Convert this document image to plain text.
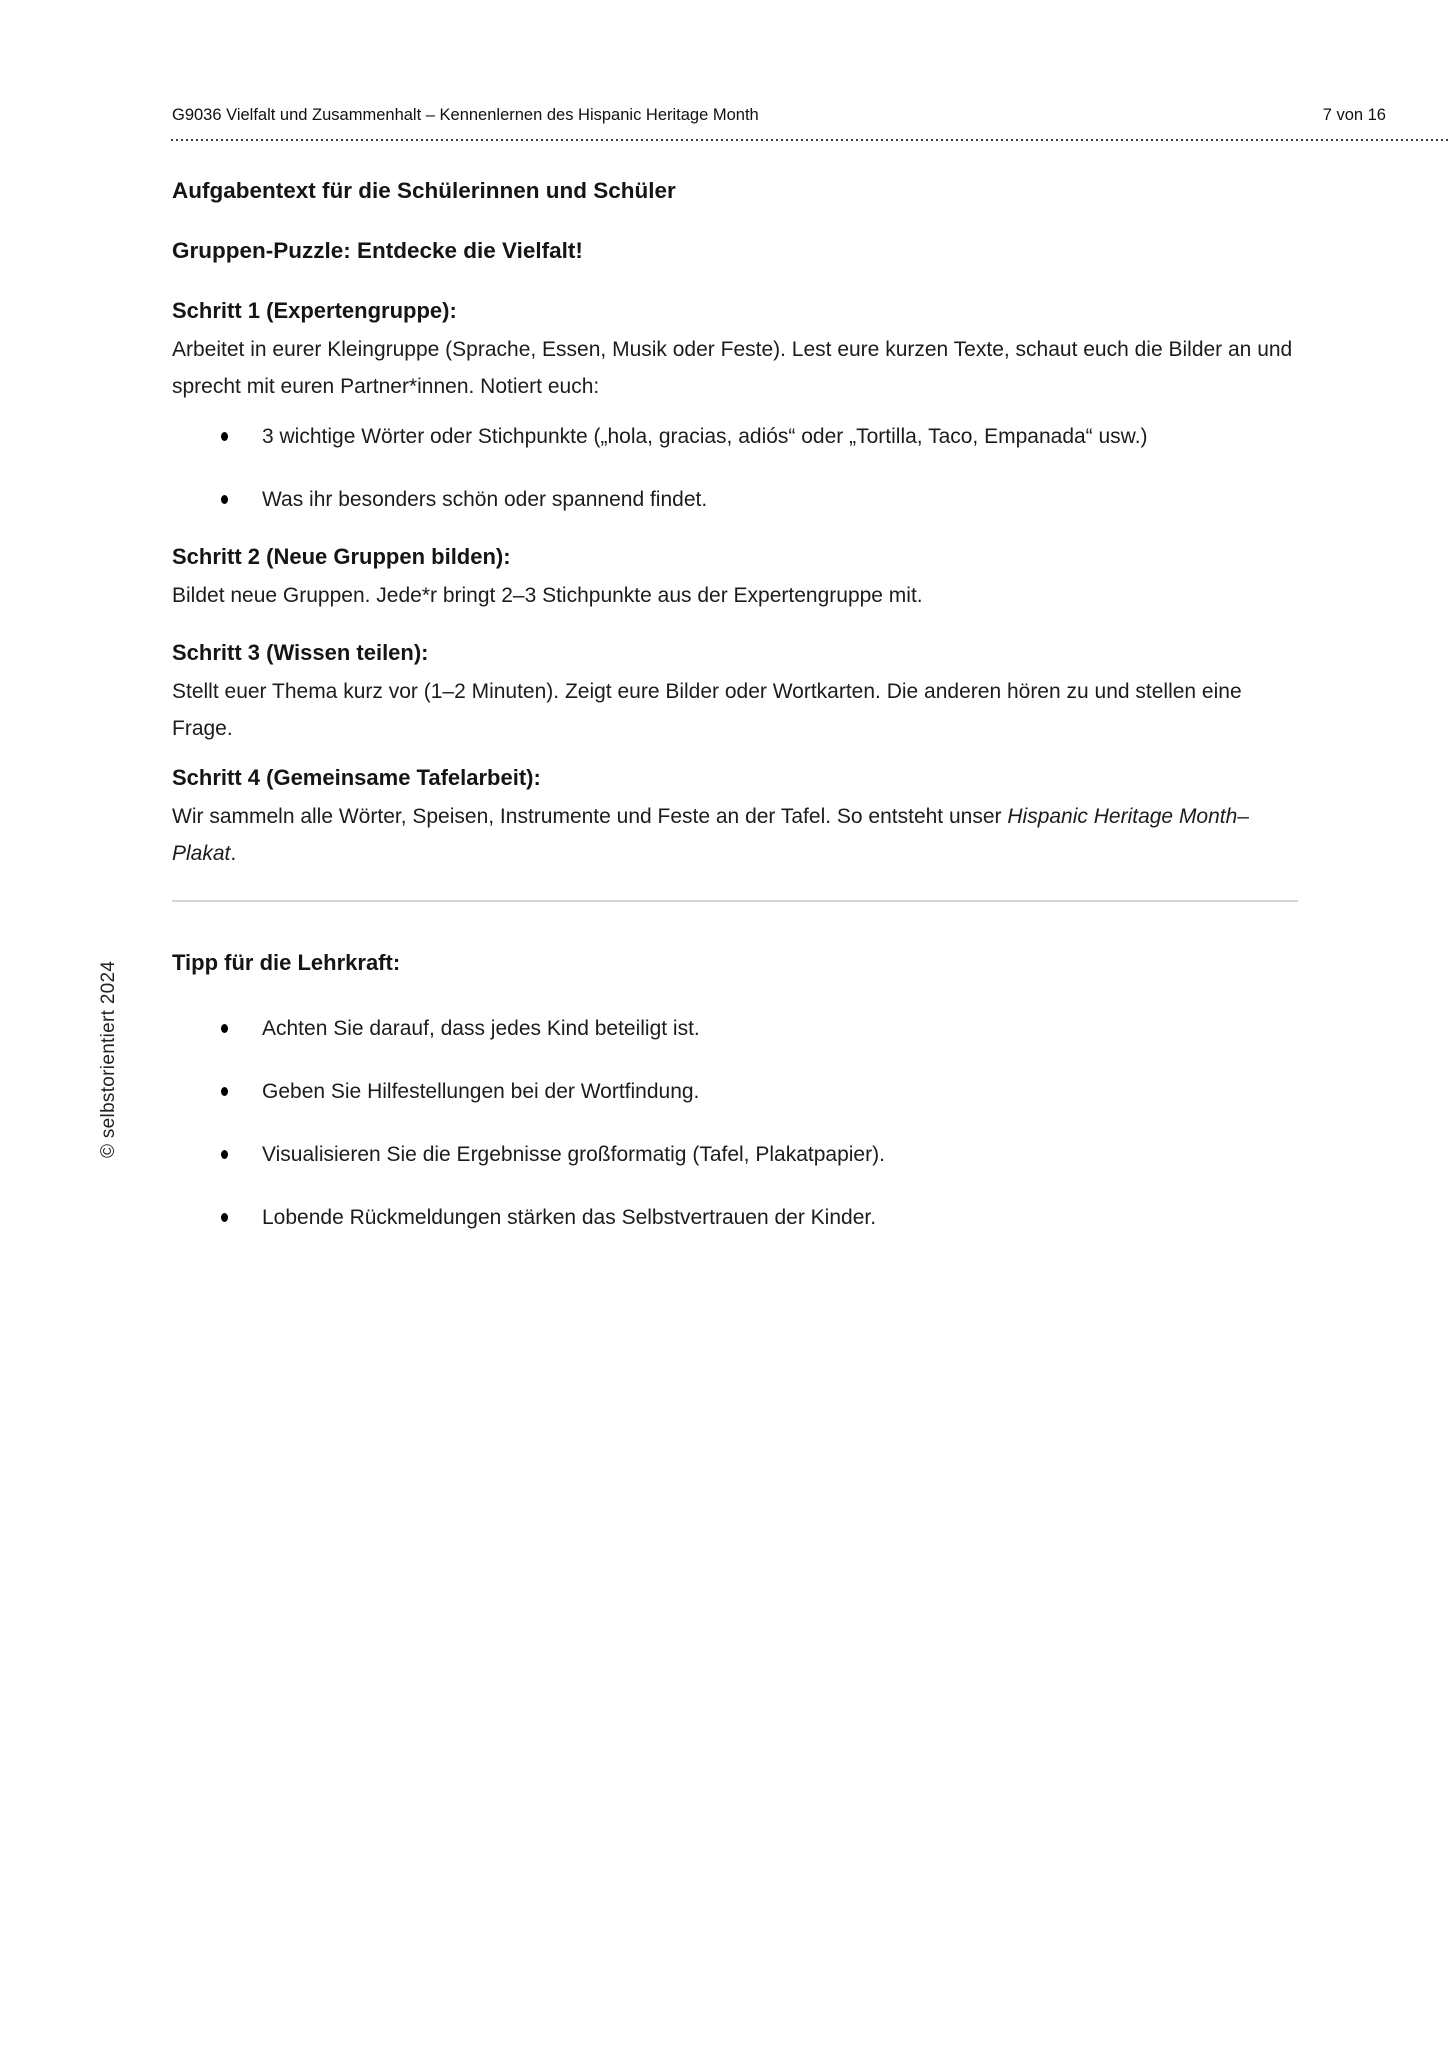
G9036 Vielfalt und Zusammenhalt – Kennenlernen des Hispanic Heritage Month	7 von 16
© selbstorientiert 2024
Aufgabentext für die Schülerinnen und Schüler
Gruppen-Puzzle: Entdecke die Vielfalt!
Schritt 1 (Expertengruppe):

Arbeitet in eurer Kleingruppe (Sprache, Essen, Musik oder Feste). Lest eure kurzen Texte, schaut euch die Bilder an und sprecht mit euren Partner*innen. Notiert euch:

3 wichtige Wörter oder Stichpunkte („hola, gracias, adiós“ oder „Tortilla, Taco, Empanada“ usw.)
Was ihr besonders schön oder spannend findet.
Schritt 2 (Neue Gruppen bilden):

Bildet neue Gruppen. Jede*r bringt 2–3 Stichpunkte aus der Expertengruppe mit.

Schritt 3 (Wissen teilen):

Stellt euer Thema kurz vor (1–2 Minuten). Zeigt eure Bilder oder Wortkarten. Die anderen hören zu und stellen eine Frage.

Schritt 4 (Gemeinsame Tafelarbeit):

Wir sammeln alle Wörter, Speisen, Instrumente und Feste an der Tafel. So entsteht unser Hispanic Heritage Month–Plakat.

Tipp für die Lehrkraft:
Achten Sie darauf, dass jedes Kind beteiligt ist.
Geben Sie Hilfestellungen bei der Wortfindung.
Visualisieren Sie die Ergebnisse großformatig (Tafel, Plakatpapier).
Lobende Rückmeldungen stärken das Selbstvertrauen der Kinder.
